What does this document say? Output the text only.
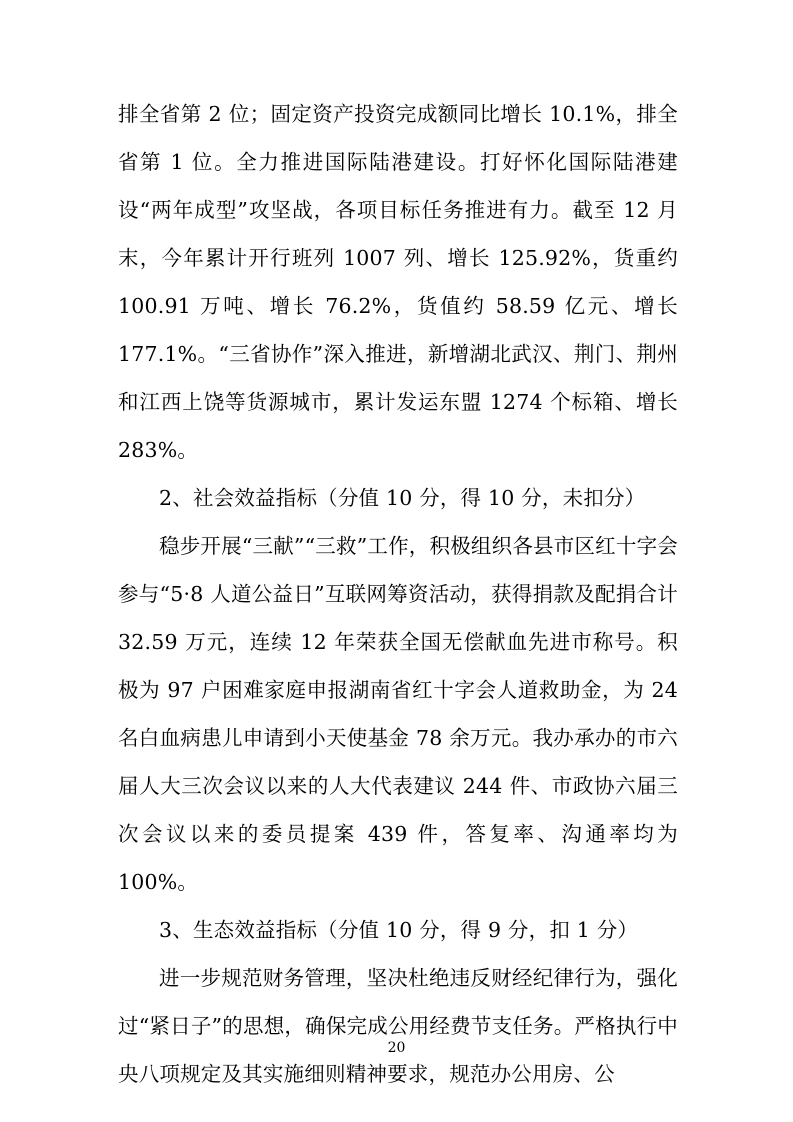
排全省第 2 位；固定资产投资完成额同比增长 10.1%，排全省第 1 位。全力推进国际陆港建设。打好怀化国际陆港建设“两年成型”攻坚战，各项目标任务推进有力。截至 12 月末，今年累计开行班列 1007 列、增长 125.92%，货重约 100.91 万吨、增长 76.2%，货值约 58.59 亿元、增长 177.1%。“三省协作”深入推进，新增湖北武汉、荆门、荆州和江西上饶等货源城市，累计发运东盟 1274 个标箱、增长 283%。

2、社会效益指标（分值 10 分，得 10 分，未扣分）

稳步开展“三献”“三救”工作，积极组织各县市区红十字会参与“5·8 人道公益日”互联网筹资活动，获得捐款及配捐合计 32.59 万元，连续 12 年荣获全国无偿献血先进市称号。积极为 97 户困难家庭申报湖南省红十字会人道救助金，为 24 名白血病患儿申请到小天使基金 78 余万元。我办承办的市六届人大三次会议以来的人大代表建议 244 件、市政协六届三次会议以来的委员提案 439 件，答复率、沟通率均为 100%。

3、生态效益指标（分值 10 分，得 9 分，扣 1 分）

进一步规范财务管理，坚决杜绝违反财经纪律行为，强化过“紧日子”的思想，确保完成公用经费节支任务。严格执行中央八项规定及其实施细则精神要求，规范办公用房、公

20
